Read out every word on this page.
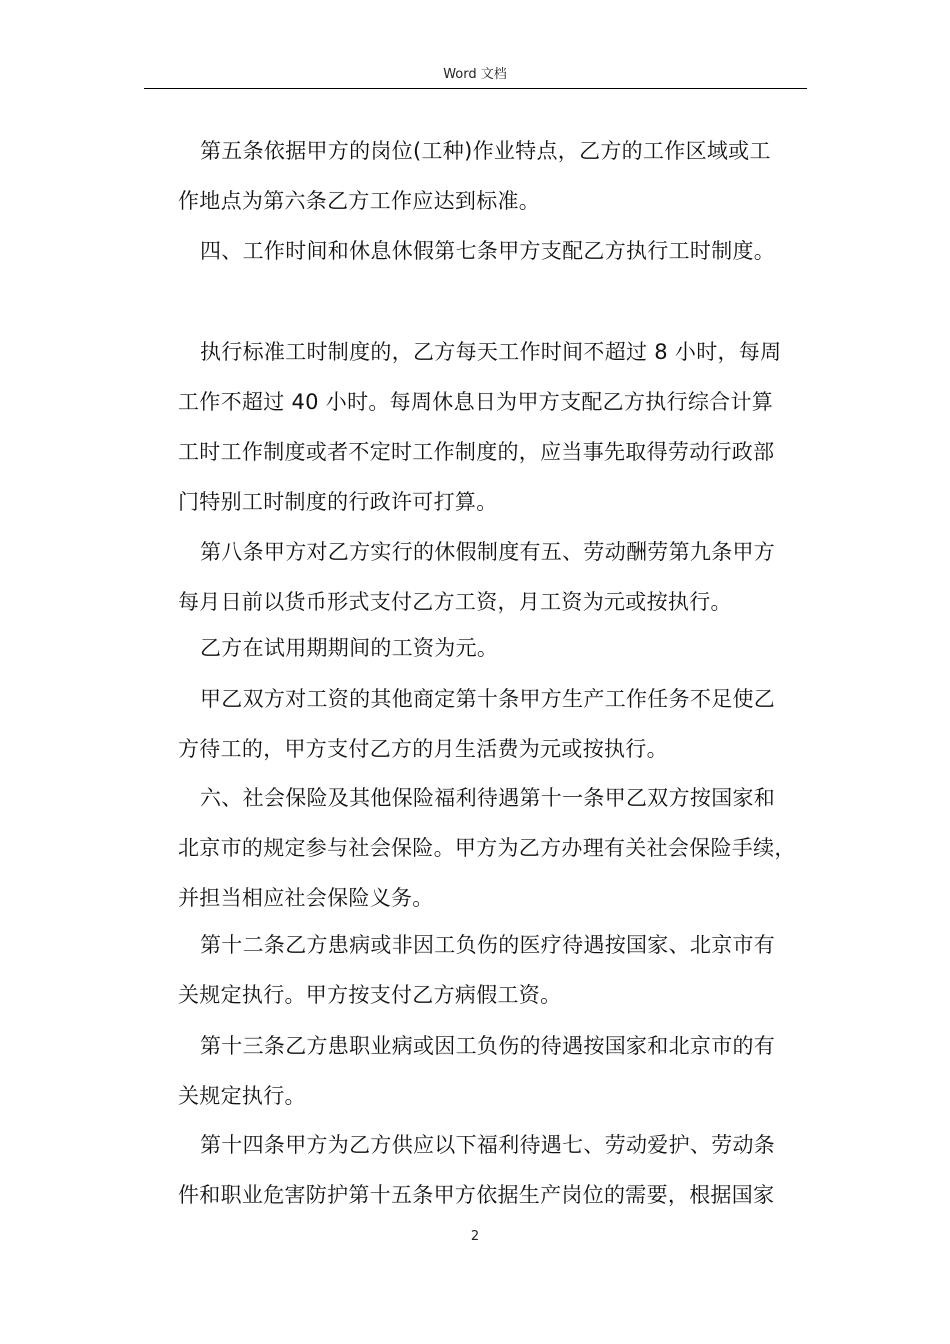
Word 文档
第五条依据甲方的岗位(工种)作业特点，乙方的工作区域或工
作地点为第六条乙方工作应达到标准。
四、工作时间和休息休假第七条甲方支配乙方执行工时制度。
执行标准工时制度的，乙方每天工作时间不超过 8 小时，每周
工作不超过 40 小时。每周休息日为甲方支配乙方执行综合计算
工时工作制度或者不定时工作制度的，应当事先取得劳动行政部
门特别工时制度的行政许可打算。
第八条甲方对乙方实行的休假制度有五、劳动酬劳第九条甲方
每月日前以货币形式支付乙方工资，月工资为元或按执行。
乙方在试用期期间的工资为元。
甲乙双方对工资的其他商定第十条甲方生产工作任务不足使乙
方待工的，甲方支付乙方的月生活费为元或按执行。
六、社会保险及其他保险福利待遇第十一条甲乙双方按国家和
北京市的规定参与社会保险。甲方为乙方办理有关社会保险手续，
并担当相应社会保险义务。
第十二条乙方患病或非因工负伤的医疗待遇按国家、北京市有
关规定执行。甲方按支付乙方病假工资。
第十三条乙方患职业病或因工负伤的待遇按国家和北京市的有
关规定执行。
第十四条甲方为乙方供应以下福利待遇七、劳动爱护、劳动条
件和职业危害防护第十五条甲方依据生产岗位的需要，根据国家
2
